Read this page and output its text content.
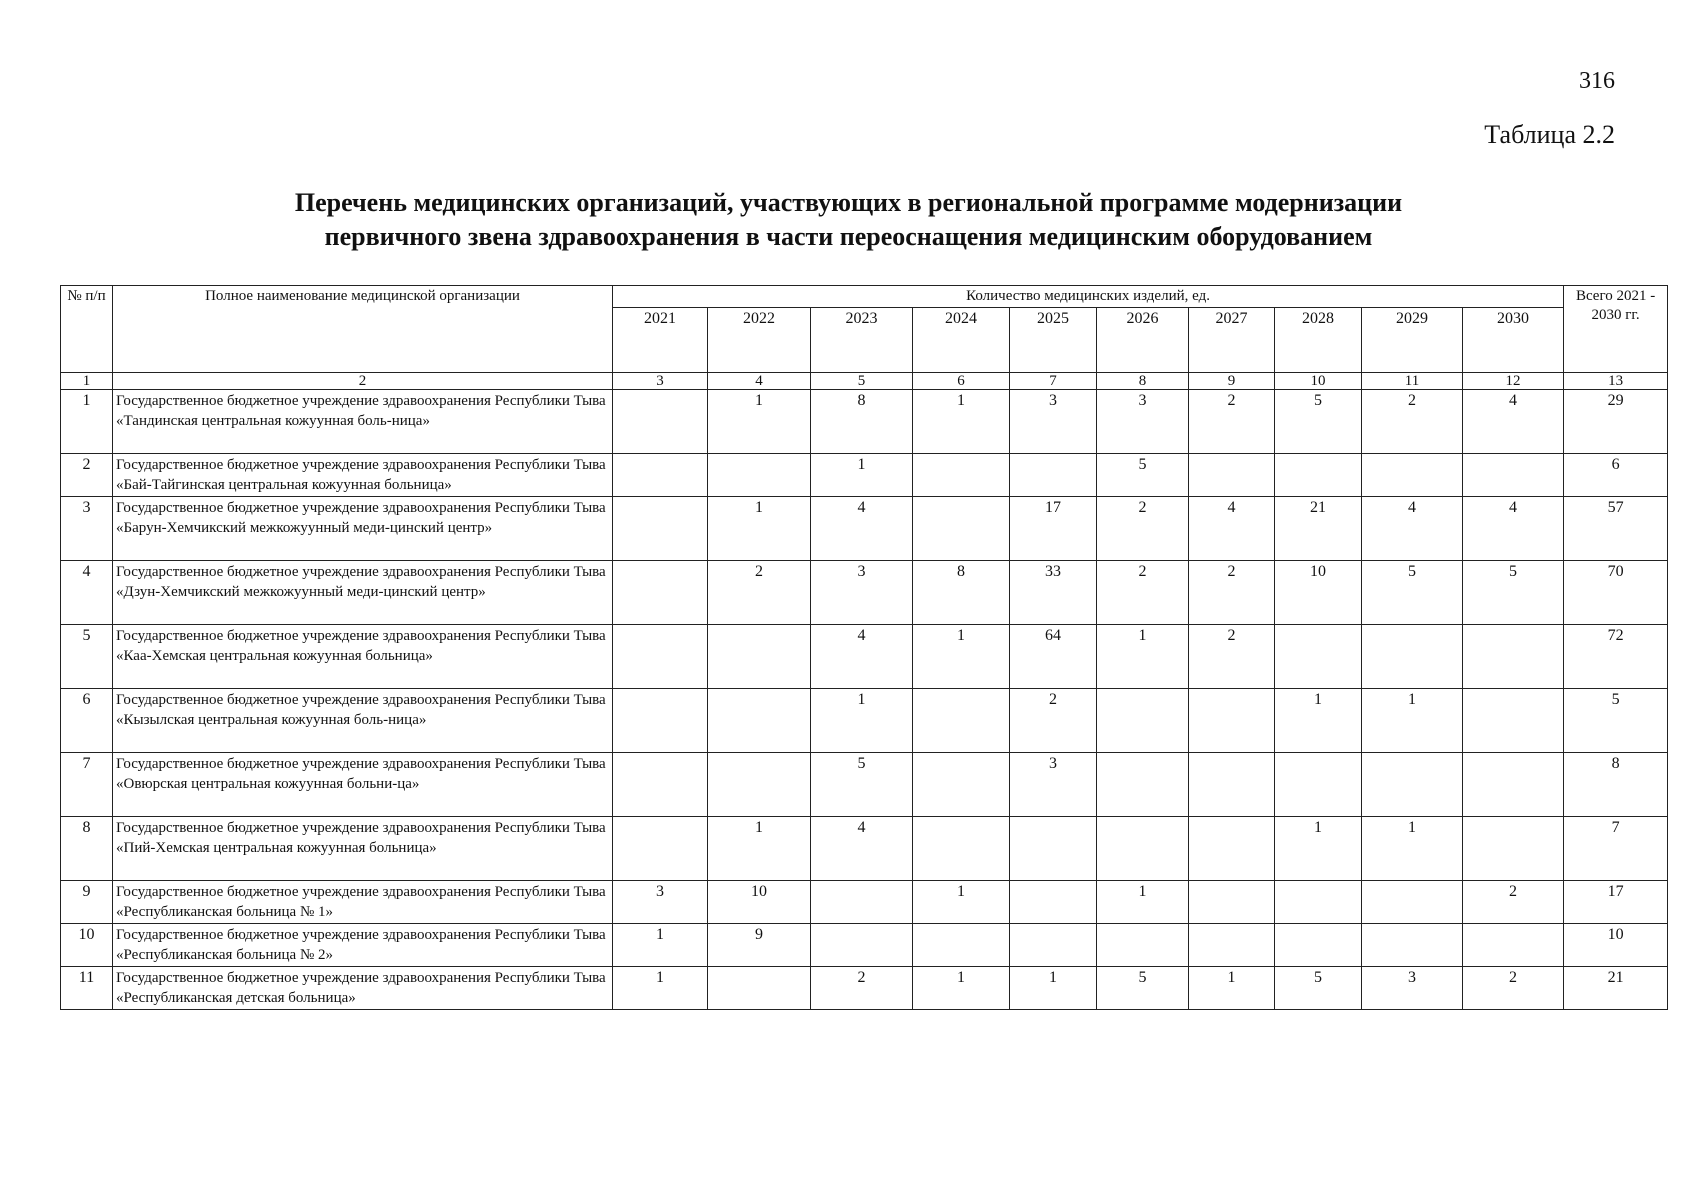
316
Таблица 2.2
Перечень медицинских организаций, участвующих в региональной программе модернизации
первичного звена здравоохранения в части переоснащения медицинским оборудованием
№ п/п	Полное наименование медицинской организации	Количество медицинских изделий, ед.										Всего 2021 - 2030 гг.
		2021	2022	2023	2024	2025	2026	2027	2028	2029	2030	
1	2	3	4	5	6	7	8	9	10	11	12	13
1	Государственное бюджетное учреждение здравоохранения Республики Тыва «Тандинская центральная кожуунная боль-ница»		1	8	1	3	3	2	5	2	4	29
2	Государственное бюджетное учреждение здравоохранения Республики Тыва «Бай-Тайгинская центральная кожуунная больница»			1			5					6
3	Государственное бюджетное учреждение здравоохранения Республики Тыва «Барун-Хемчикский межкожуунный меди-цинский центр»		1	4		17	2	4	21	4	4	57
4	Государственное бюджетное учреждение здравоохранения Республики Тыва «Дзун-Хемчикский межкожуунный меди-цинский центр»		2	3	8	33	2	2	10	5	5	70
5	Государственное бюджетное учреждение здравоохранения Республики Тыва «Каа-Хемская центральная кожуунная больница»			4	1	64	1	2				72
6	Государственное бюджетное учреждение здравоохранения Республики Тыва «Кызылская центральная кожуунная боль-ница»			1		2			1	1		5
7	Государственное бюджетное учреждение здравоохранения Республики Тыва «Овюрская центральная кожуунная больни-ца»			5		3						8
8	Государственное бюджетное учреждение здравоохранения Республики Тыва «Пий-Хемская центральная кожуунная больница»		1	4					1	1		7
9	Государственное бюджетное учреждение здравоохранения Республики Тыва «Республиканская больница № 1»	3	10		1		1				2	17
10	Государственное бюджетное учреждение здравоохранения Республики Тыва «Республиканская больница № 2»	1	9									10
11	Государственное бюджетное учреждение здравоохранения Республики Тыва «Республиканская детская больница»	1		2	1	1	5	1	5	3	2	21
